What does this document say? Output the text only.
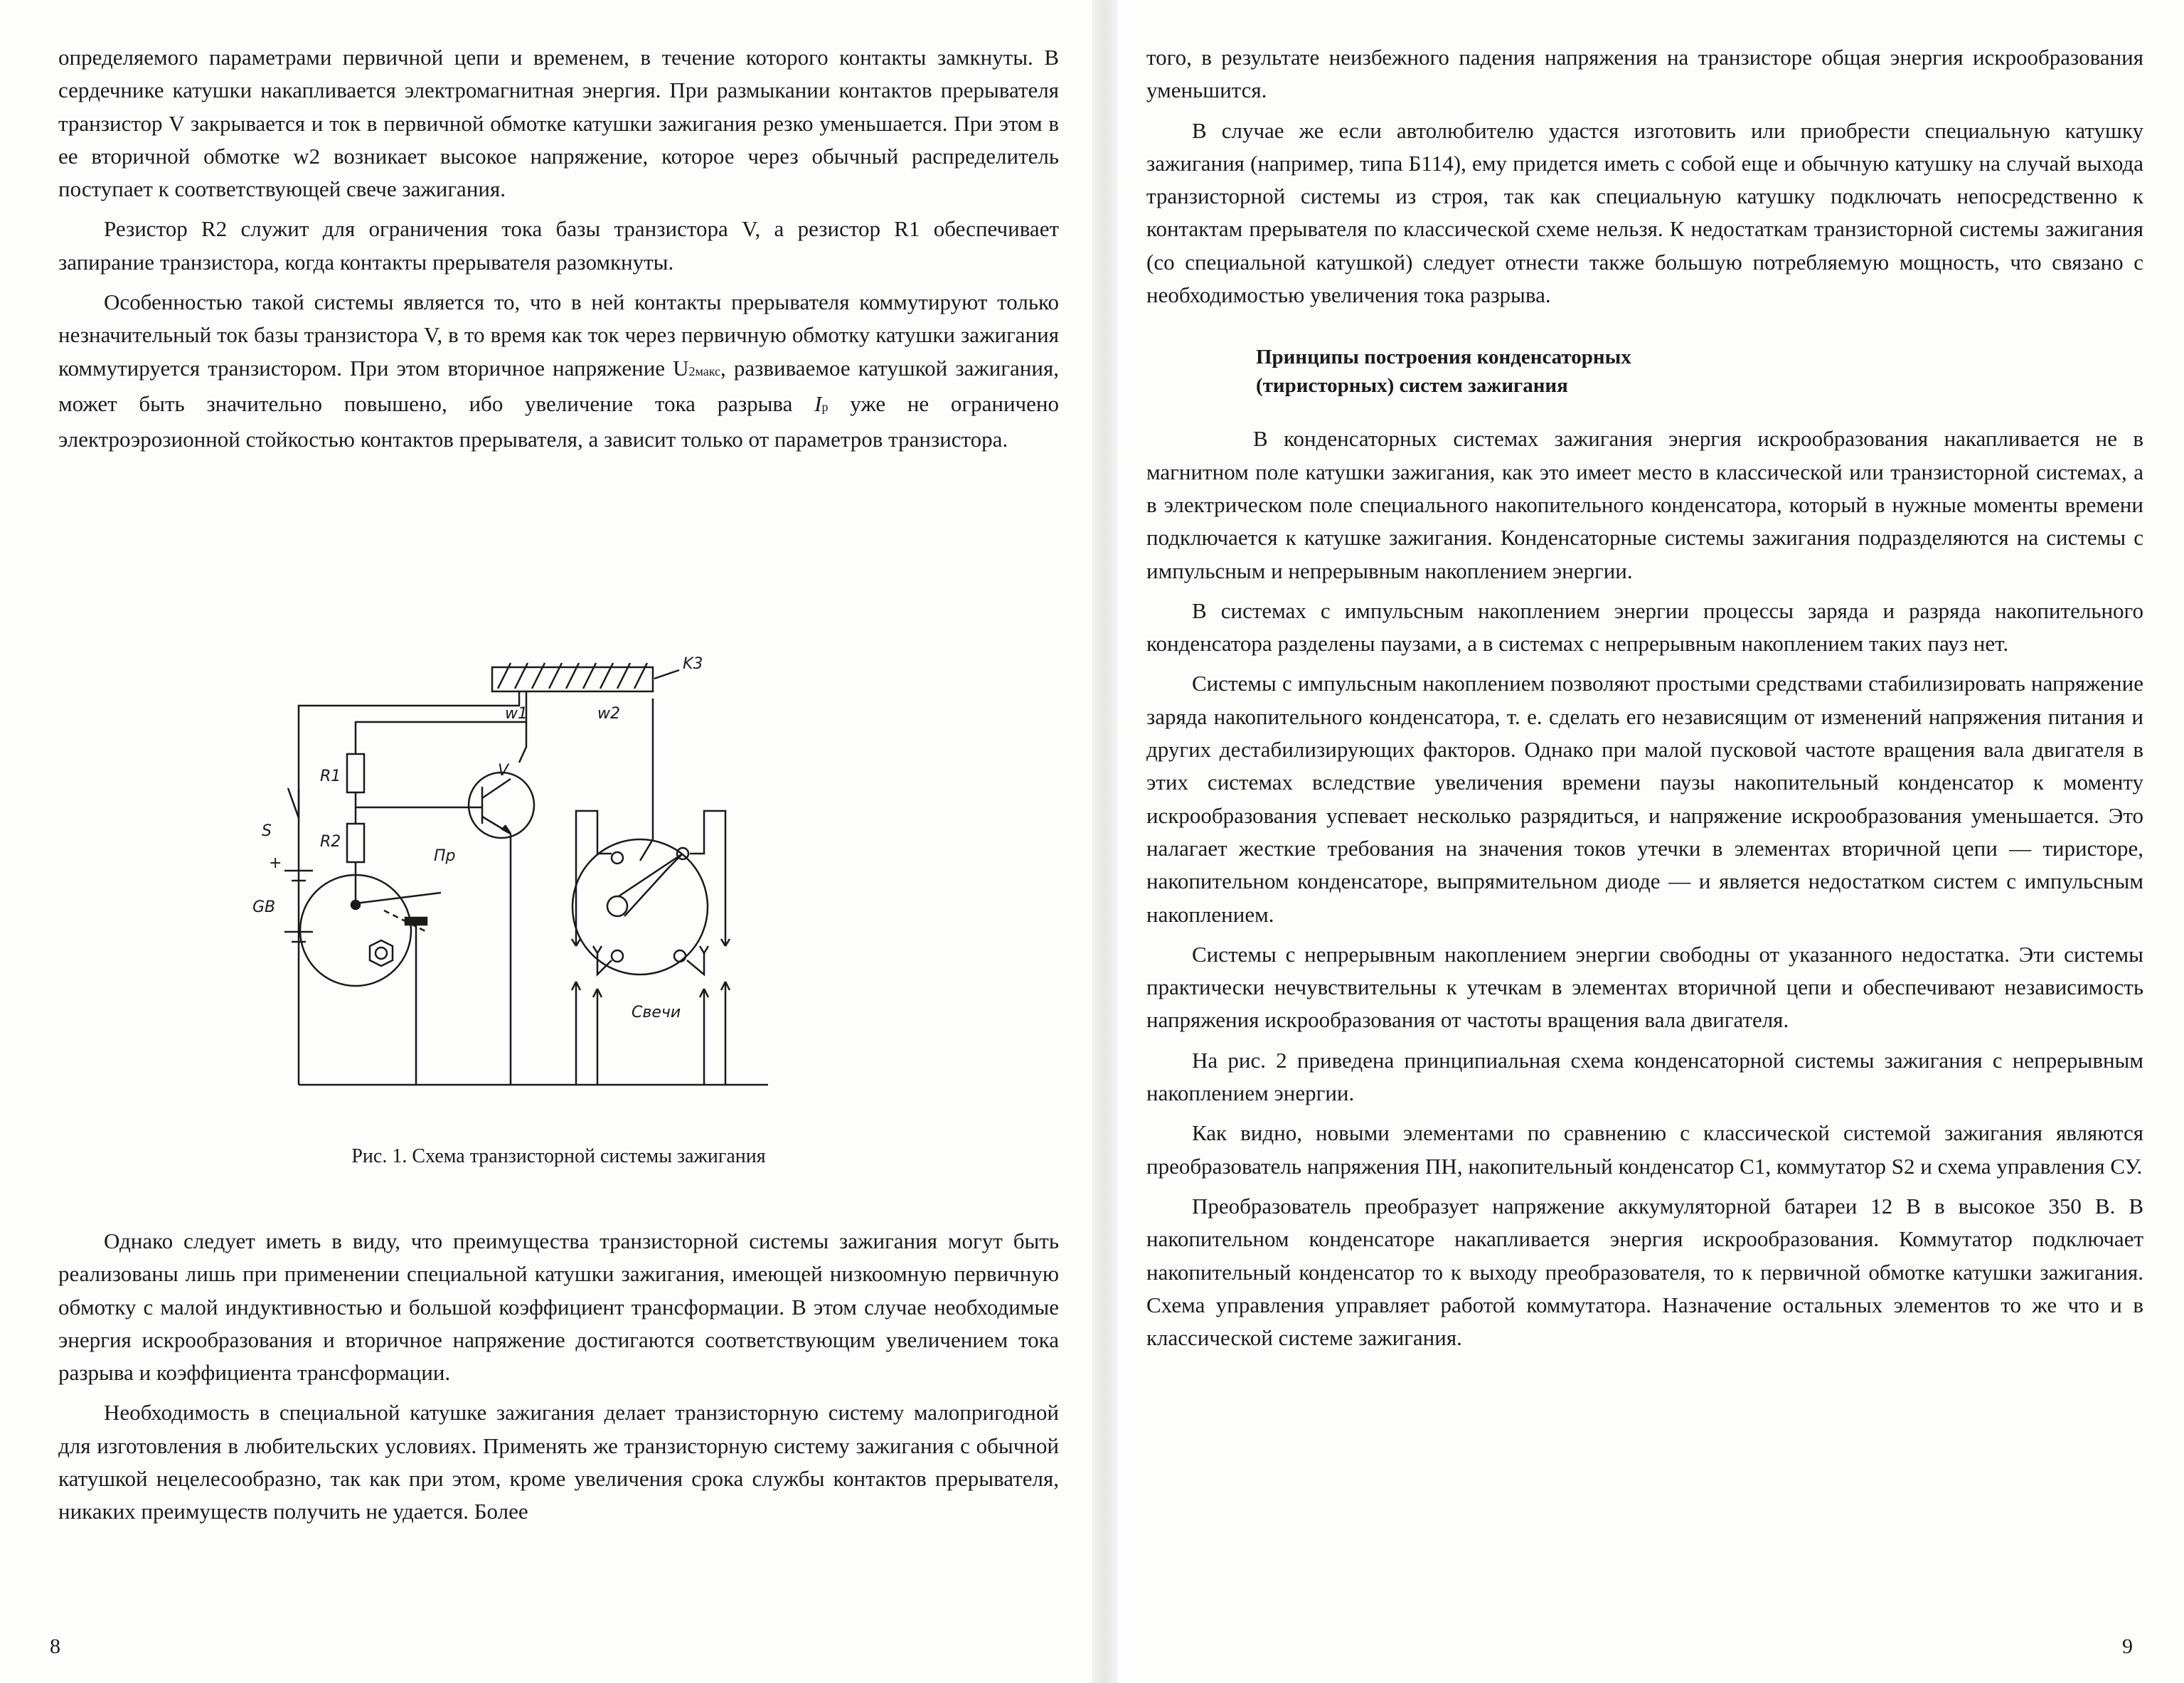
определяемого параметрами первичной цепи и временем, в течение которого контакты замкнуты. В сердечнике катушки накапливается электромагнитная энергия. При размыкании контактов прерывателя транзистор V закрывается и ток в первичной обмотке катушки зажигания резко уменьшается. При этом в ее вторичной обмотке w2 возникает высокое напряжение, которое через обычный распределитель поступает к соответствующей свече зажигания.

Резистор R2 служит для ограничения тока базы транзистора V, а резистор R1 обеспечивает запирание транзистора, когда контакты прерывателя разомкнуты.

Особенностью такой системы является то, что в ней контакты прерывателя коммутируют только незначительный ток базы транзистора V, в то время как ток через первичную обмотку катушки зажигания коммутируется транзистором. При этом вторичное напряжение U2макс, развиваемое катушкой зажигания, может быть значительно повышено, ибо увеличение тока разрыва Iр уже не ограничено электроэрозионной стойкостью контактов прерывателя, а зависит только от параметров транзистора.

K3
w1	w2
R1
R2
V
S
+
GB
Пр
Свечи
Рис. 1. Схема транзисторной системы зажигания

Однако следует иметь в виду, что преимущества транзисторной системы зажигания могут быть реализованы лишь при применении специальной катушки зажигания, имеющей низкоомную первичную обмотку с малой индуктивностью и большой коэффициент трансформации. В этом случае необходимые энергия искрообразования и вторичное напряжение достигаются соответствующим увеличением тока разрыва и коэффициента трансформации.

Необходимость в специальной катушке зажигания делает транзисторную систему малопригодной для изготовления в любительских условиях. Применять же транзисторную систему зажигания с обычной катушкой нецелесообразно, так как при этом, кроме увеличения срока службы контактов прерывателя, никаких преимуществ получить не удается. Более

8

того, в результате неизбежного падения напряжения на транзисторе общая энергия искрообразования уменьшится.

В случае же если автолюбителю удастся изготовить или приобрести специальную катушку зажигания (например, типа Б114), ему придется иметь с собой еще и обычную катушку на случай выхода транзисторной системы из строя, так как специальную катушку подключать непосредственно к контактам прерывателя по классической схеме нельзя. К недостаткам транзисторной системы зажигания (со специальной катушкой) следует отнести также большую потребляемую мощность, что связано с необходимостью увеличения тока разрыва.

Принципы построения конденсаторных
(тиристорных) систем зажигания

В конденсаторных системах зажигания энергия искрообразования накапливается не в магнитном поле катушки зажигания, как это имеет место в классической или транзисторной системах, а в электрическом поле специального накопительного конденсатора, который в нужные моменты времени подключается к катушке зажигания. Конденсаторные системы зажигания подразделяются на системы с импульсным и непрерывным накоплением энергии.

В системах с импульсным накоплением энергии процессы заряда и разряда накопительного конденсатора разделены паузами, а в системах с непрерывным накоплением таких пауз нет.

Системы с импульсным накоплением позволяют простыми средствами стабилизировать напряжение заряда накопительного конденсатора, т. е. сделать его независящим от изменений напряжения питания и других дестабилизирующих факторов. Однако при малой пусковой частоте вращения вала двигателя в этих системах вследствие увеличения времени паузы накопительный конденсатор к моменту искрообразования успевает несколько разрядиться, и напряжение искрообразования уменьшается. Это налагает жесткие требования на значения токов утечки в элементах вторичной цепи — тиристоре, накопительном конденсаторе, выпрямительном диоде — и является недостатком систем с импульсным накоплением.

Системы с непрерывным накоплением энергии свободны от указанного недостатка. Эти системы практически нечувствительны к утечкам в элементах вторичной цепи и обеспечивают независимость напряжения искрообразования от частоты вращения вала двигателя.

На рис. 2 приведена принципиальная схема конденсаторной системы зажигания с непрерывным накоплением энергии.

Как видно, новыми элементами по сравнению с классической системой зажигания являются преобразователь напряжения ПН, накопительный конденсатор С1, коммутатор S2 и схема управления СУ.

Преобразователь преобразует напряжение аккумуляторной батареи 12 В в высокое 350 В. В накопительном конденсаторе накапливается энергия искрообразования. Коммутатор подключает накопительный конденсатор то к выходу преобразователя, то к первичной обмотке катушки зажигания. Схема управления управляет работой коммутатора. Назначение остальных элементов то же что и в классической системе зажигания.

9
